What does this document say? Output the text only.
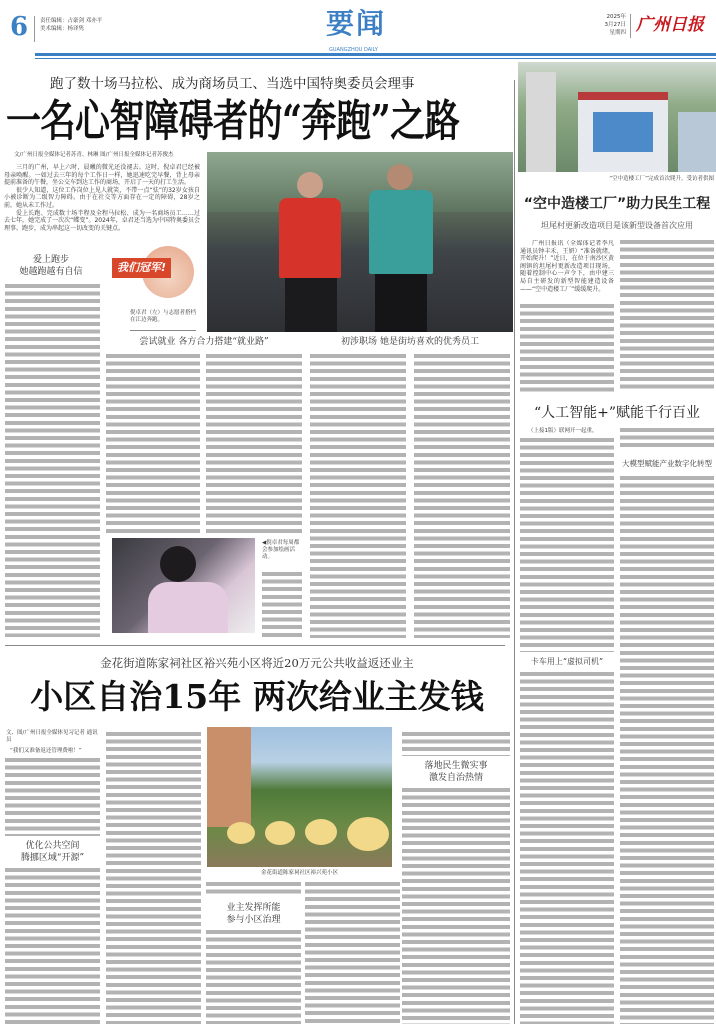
6 责任编辑：占豪剑 邓亦平
美术编辑：杨译隽	要闻
GUANGZHOU DAILY
2025年
3月27日
星期四 广州日报
跑了数十场马拉松、成为商场员工、当选中国特奥委员会理事
一名心智障碍者的“奔跑”之路
文/广州日报全媒体记者苏青、林琳 图/广州日报全媒体记者苏俊杰

三月的广州，早上六时，晨曦的微光还没褪去。这时，倪卓君已经被母亲唤醒。一如过去三年的每个工作日一样，她迅速吃完早餐，背上母亲提前准备的午餐，坐公交车到达工作的商场，开启了一天的打工生活。

很少人知道，这位工作岗位上见人就笑，不带一点“怯”的32岁女孩自小被诊断为二级智力障碍。由于在社交等方面存在一定的障碍，28岁之前，她从未工作过。

爱上长跑、完成数十场半程及全程马拉松、成为一名商场员工……过去七年，她完成了一次次“蝶变”。2024年，卓君还当选为中国特奥委员会理事。跑步，成为串起这一切改变的关键点。

爱上跑步
她越跑越有自信	我们冠军!
倪卓君（左）与志愿者搭档在江边奔跑。
尝试就业 各方合力搭建“就业路”	初涉职场 她是街坊喜欢的优秀员工
◀倪卓君每周都会参加绘画活动。
金花街道陈家祠社区裕兴苑小区将近20万元公共收益返还业主
小区自治15年 两次给业主发钱
文、图/广州日报全媒体见习记者 通讯员
“我们又准备返还管理费啦！”
优化公共空间
腾挪区域“开源”
金花街道陈家祠社区裕兴苑小区
业主发挥所能
参与小区治理
落地民生微实事
激发自治热情
“空中造楼工厂”完成首次爬升。受访者供图
“空中造楼工厂”助力民生工程
坦尾村更新改造项目是该新型设备首次应用
广州日报讯（全媒体记者李凡 通讯员钟丰禾、王妍）“准备就绪，开始爬升！”近日，在位于南沙区黄阁镇的坦尾村更新改造项目现场，随着控制中心一声令下，由中建三局自主研发的新型智能建造设备——“空中造楼工厂”缓缓爬升。
“人工智能+”赋能千行百业
（上接1版）联网开一起重，
卡车用上“虚拟司机”
大模型赋能产业数字化转型
